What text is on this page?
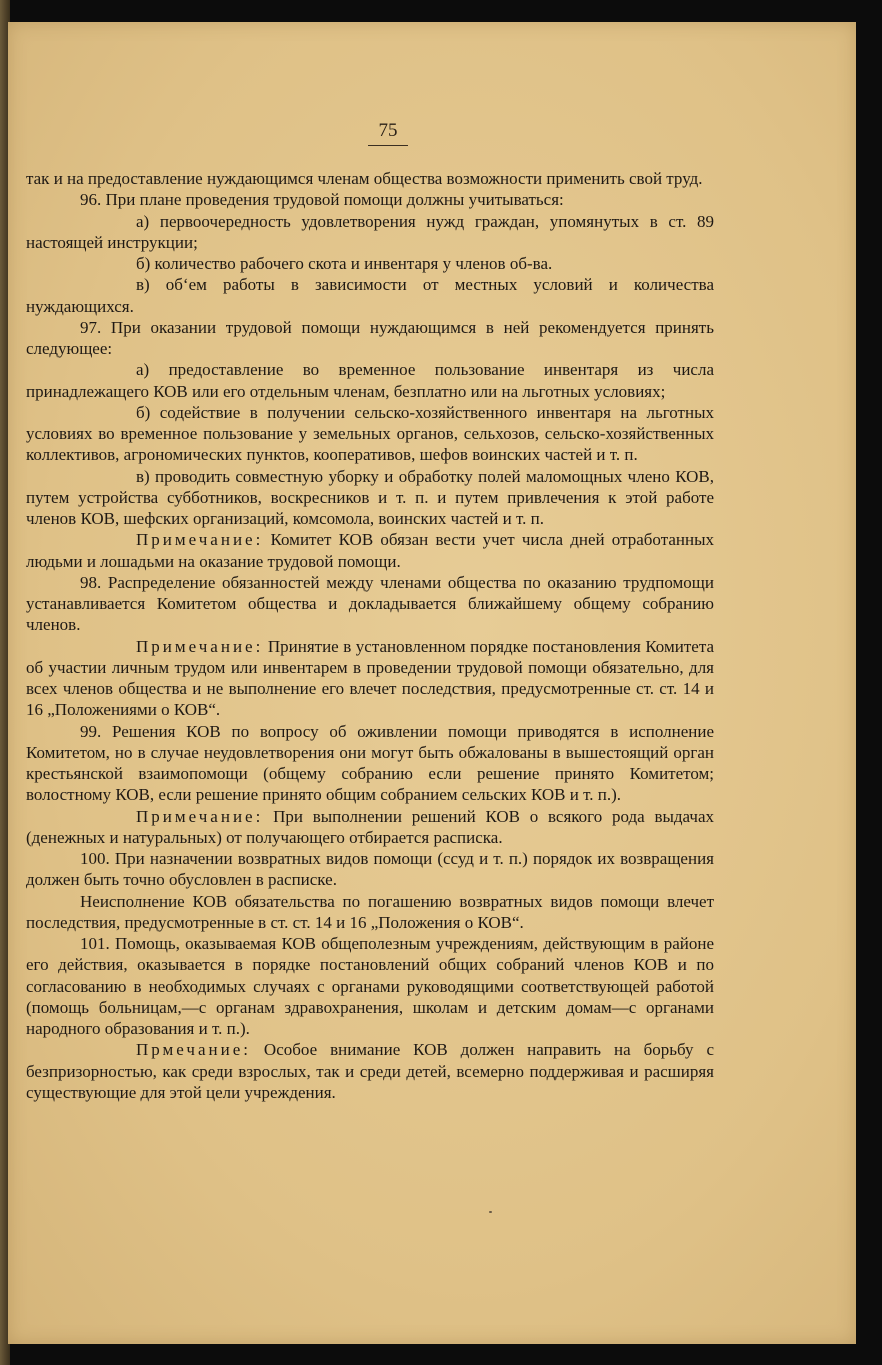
75

так и на предоставление нуждающимся членам общества возможности применить свой труд.

96. При плане проведения трудовой помощи должны учитываться:

а) первоочередность удовлетворения нужд граждан, упомянутых в ст. 89 настоящей инструкции;

б) количество рабочего скота и инвентаря у членов об-ва.

в) об‘ем работы в зависимости от местных условий и количества нуждающихся.

97. При оказании трудовой помощи нуждающимся в ней рекомендуется принять следующее:

а) предоставление во временное пользование инвентаря из числа принадлежащего КОВ или его отдельным членам, безплатно или на льготных условиях;

б) содействие в получении сельско-хозяйственного инвентаря на льготных условиях во временное пользование у земельных органов, сельхозов, сельско-хозяйственных коллективов, агрономических пунктов, кооперативов, шефов воинских частей и т. п.

в) проводить совместную уборку и обработку полей маломощных члено КОВ, путем устройства субботников, воскресников и т. п. и путем привлечения к этой работе членов КОВ, шефских организаций, комсомола, воинских частей и т. п.

Примечание: Комитет КОВ обязан вести учет числа дней отработанных людьми и лошадьми на оказание трудовой помощи.

98. Распределение обязанностей между членами общества по оказанию трудпомощи устанавливается Комитетом общества и докладывается ближайшему общему собранию членов.

Примечание: Принятие в установленном порядке постановления Комитета об участии личным трудом или инвентарем в проведении трудовой помощи обязательно, для всех членов общества и не выполнение его влечет последствия, предусмотренные ст. ст. 14 и 16 „Положениями о КОВ“.

99. Решения КОВ по вопросу об оживлении помощи приводятся в исполнение Комитетом, но в случае неудовлетворения они могут быть обжалованы в вышестоящий орган крестьянской взаимопомощи (общему собранию если решение принято Комитетом; волостному КОВ, если решение принято общим собранием сельских КОВ и т. п.).

Примечание: При выполнении решений КОВ о всякого рода выдачах (денежных и натуральных) от получающего отбирается расписка.

100. При назначении возвратных видов помощи (ссуд и т. п.) порядок их возвращения должен быть точно обусловлен в расписке.

Неисполнение КОВ обязательства по погашению возвратных видов помощи влечет последствия, предусмотренные в ст. ст. 14 и 16 „Положения о КОВ“.

101. Помощь, оказываемая КОВ общеполезным учреждениям, действующим в районе его действия, оказывается в порядке постановлений общих собраний членов КОВ и по согласованию в необходимых случаях с органами руководящими соответствующей работой (помощь больницам,—с органам здравохранения, школам и детским домам—с органами народного образования и т. п.).

Прмечание: Особое внимание КОВ должен направить на борьбу с безпризорностью, как среди взрослых, так и среди детей, всемерно поддерживая и расширяя существующие для этой цели учреждения.
